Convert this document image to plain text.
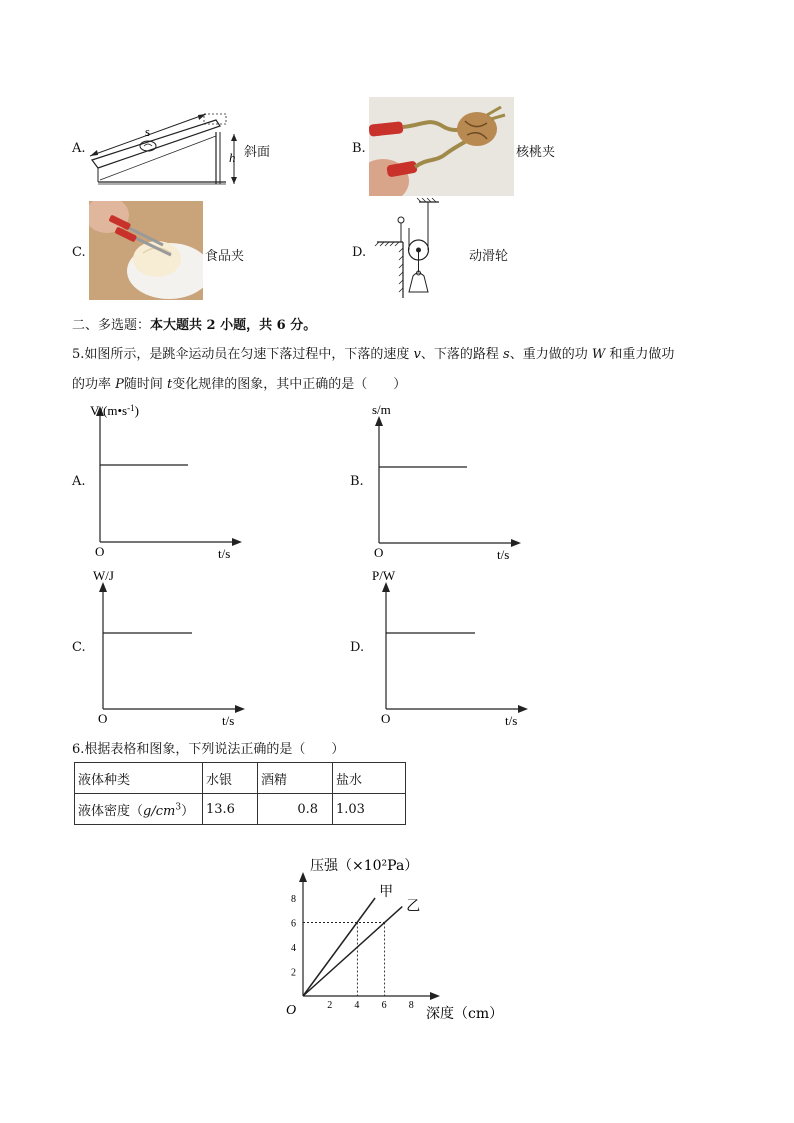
A.
s
h 斜面	B.	核桃夹
C.	食品夹	D.	动滑轮
二、多选题：本大题共 2 小题，共 6 分。
5.如图所示，是跳伞运动员在匀速下落过程中，下落的速度 v、下落的路程 s、重力做的功 W 和重力做功
的功率 P随时间 t变化规律的图象，其中正确的是（　　）
A.
$V/(m•s^{-1})$
O	t/s
B.
s/m
O	t/s
C.
W/J
O	t/s
D.
P/W
O	t/s
6.根据表格和图象，下列说法正确的是（　　）
液体种类	水银	酒精	盐水
液体密度$(g/cm^3)$	13.6	0.8	1.03
2 4 6 8
2
4
6
8	甲
乙
压强（×10²Pa）
深度（cm）
O
